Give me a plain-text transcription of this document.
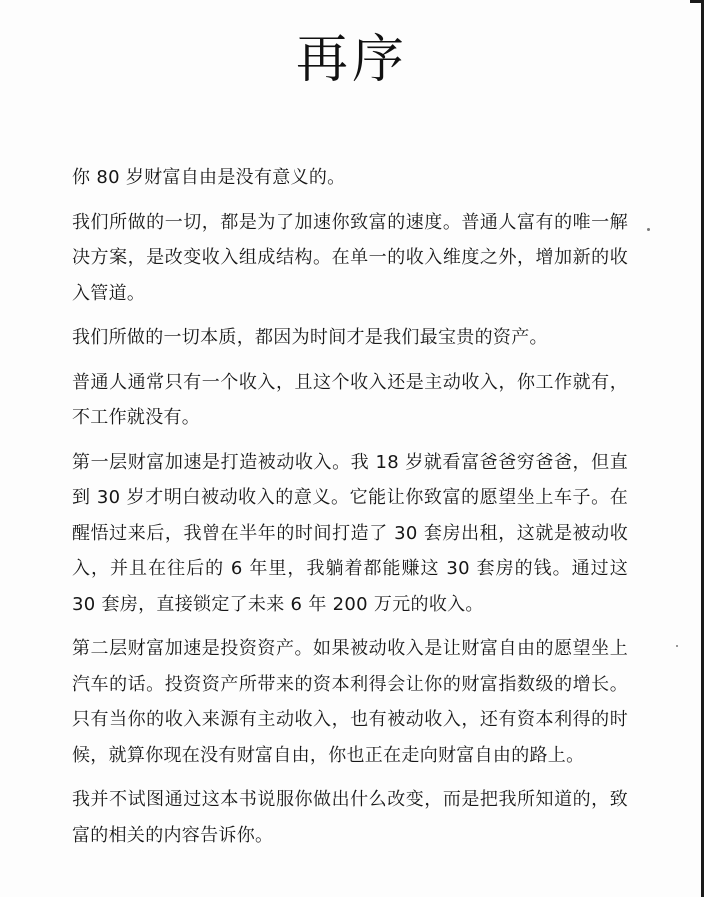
再序

你 80 岁财富自由是没有意义的。

我们所做的一切，都是为了加速你致富的速度。普通人富有的唯一解决方案，是改变收入组成结构。在单一的收入维度之外，增加新的收入管道。

我们所做的一切本质，都因为时间才是我们最宝贵的资产。

普通人通常只有一个收入，且这个收入还是主动收入，你工作就有，不工作就没有。

第一层财富加速是打造被动收入。我 18 岁就看富爸爸穷爸爸，但直到 30 岁才明白被动收入的意义。它能让你致富的愿望坐上车子。在醒悟过来后，我曾在半年的时间打造了 30 套房出租，这就是被动收入，并且在往后的 6 年里，我躺着都能赚这 30 套房的钱。通过这 30 套房，直接锁定了未来 6 年 200 万元的收入。

第二层财富加速是投资资产。如果被动收入是让财富自由的愿望坐上汽车的话。投资资产所带来的资本利得会让你的财富指数级的增长。只有当你的收入来源有主动收入，也有被动收入，还有资本利得的时候，就算你现在没有财富自由，你也正在走向财富自由的路上。

我并不试图通过这本书说服你做出什么改变，而是把我所知道的，致富的相关的内容告诉你。
